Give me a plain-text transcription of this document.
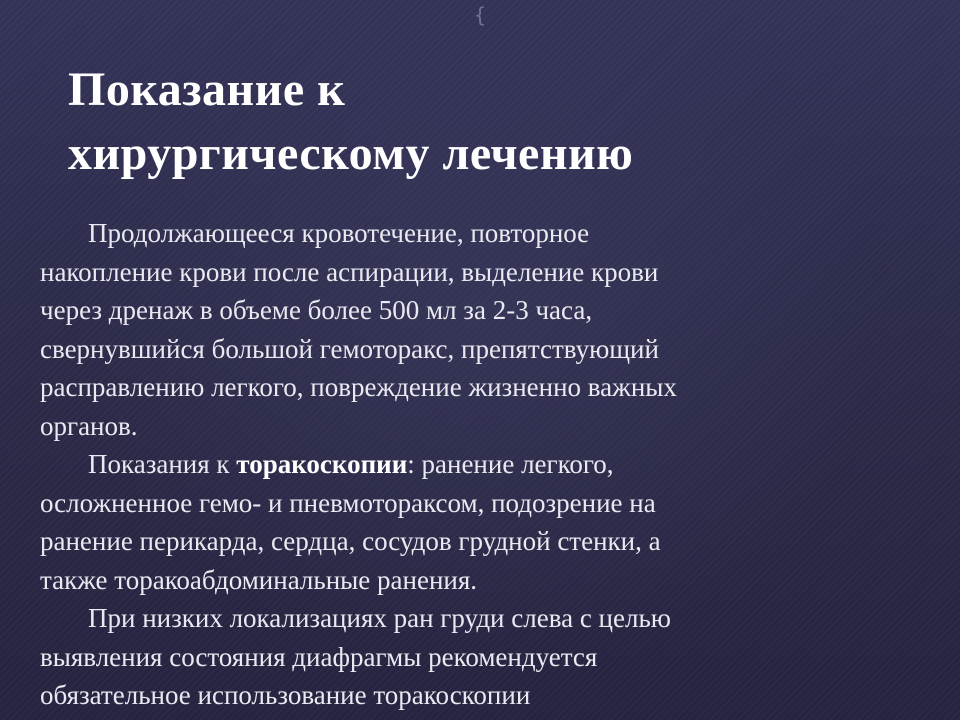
{
Показание к
хирургическому лечению

Продолжающееся кровотечение, повторное
накопление крови после аспирации, выделение крови
через дренаж в объеме более 500 мл за 2-3 часа,
свернувшийся большой гемоторакс, препятствующий
расправлению легкого, повреждение жизненно важных
органов.

Показания к торакоскопии: ранение легкого,
осложненное гемо- и пневмотораксом, подозрение на
ранение перикарда, сердца, сосудов грудной стенки, а
также торакоабдоминальные ранения.

При низких локализациях ран груди слева с целью
выявления состояния диафрагмы рекомендуется
обязательное использование торакоскопии
